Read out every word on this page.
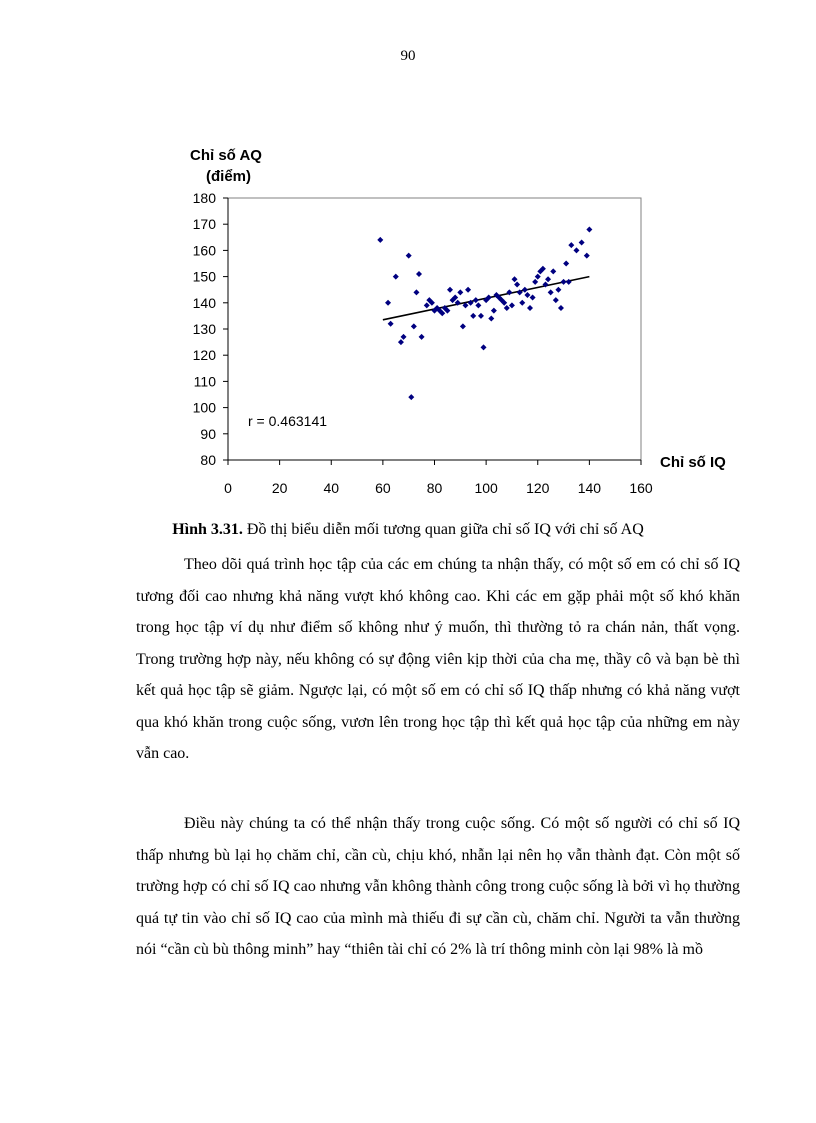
90
Chỉ số AQ
(điểm)
Chỉ số IQ
r = 0.463141
80
90
100
110
120
130
140
150
160
170
180
0	20	40	60	80 100 120 140 160
Hình 3.31. Đồ thị biểu diễn mối tương quan giữa chỉ số IQ với chỉ số AQ

Theo dõi quá trình học tập của các em chúng ta nhận thấy, có một số em có chỉ số IQ tương đối cao nhưng khả năng vượt khó không cao. Khi các em gặp phải một số khó khăn trong học tập ví dụ như điểm số không như ý muốn, thì thường tỏ ra chán nản, thất vọng. Trong trường hợp này, nếu không có sự động viên kịp thời của cha mẹ, thầy cô và bạn bè thì kết quả học tập sẽ giảm. Ngược lại, có một số em có chỉ số IQ thấp nhưng có khả năng vượt qua khó khăn trong cuộc sống, vươn lên trong học tập thì kết quả học tập của những em này vẫn cao.

Điều này chúng ta có thể nhận thấy trong cuộc sống. Có một số người có chỉ số IQ thấp nhưng bù lại họ chăm chỉ, cần cù, chịu khó, nhẫn lại nên họ vẫn thành đạt. Còn một số trường hợp có chỉ số IQ cao nhưng vẫn không thành công trong cuộc sống là bởi vì họ thường quá tự tin vào chỉ số IQ cao của mình mà thiếu đi sự cần cù, chăm chỉ. Người ta vẫn thường nói “cần cù bù thông minh” hay “thiên tài chỉ có 2% là trí thông minh còn lại 98% là mồ
